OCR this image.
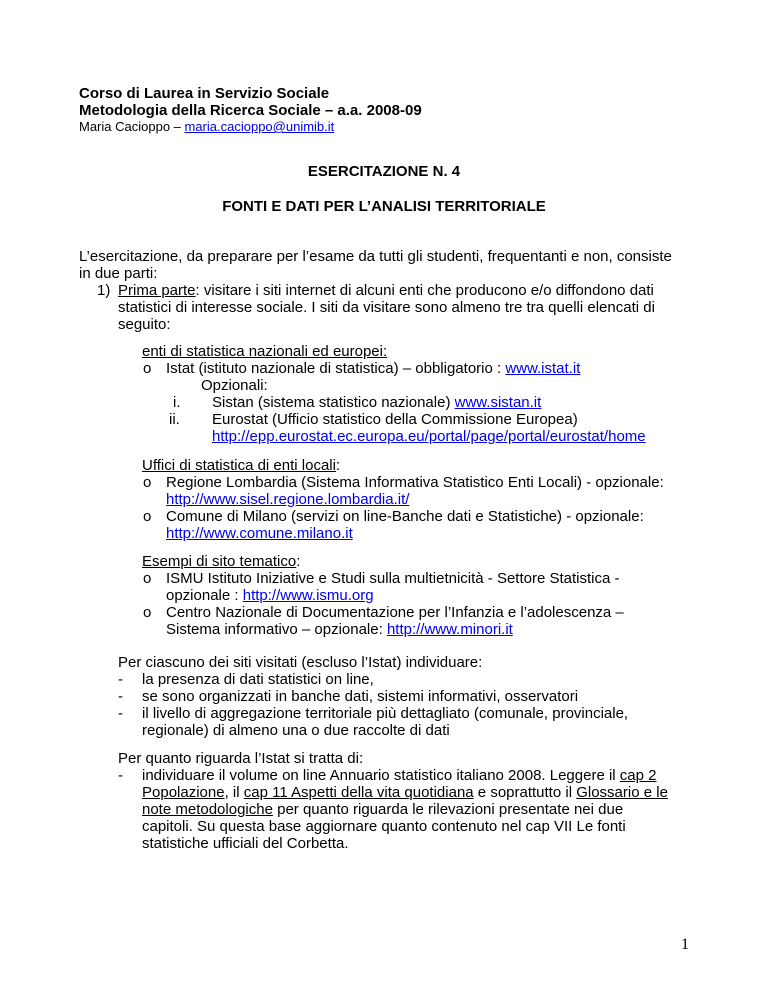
Corso di Laurea in Servizio Sociale
Metodologia della Ricerca Sociale – a.a. 2008-09
Maria Cacioppo – maria.cacioppo@unimib.it
ESERCITAZIONE N. 4
FONTI E DATI PER L’ANALISI TERRITORIALE
L’esercitazione, da preparare per l’esame da tutti gli studenti, frequentanti e non, consiste
in due parti:
1) Prima parte: visitare i siti internet di alcuni enti che producono e/o diffondono dati
statistici di interesse sociale. I siti da visitare sono almeno tre tra quelli elencati di
seguito:
enti di statistica nazionali ed europei:
o Istat (istituto nazionale di statistica) – obbligatorio : www.istat.it
Opzionali:
i. Sistan (sistema statistico nazionale) www.sistan.it
ii. Eurostat (Ufficio statistico della Commissione Europea)
http://epp.eurostat.ec.europa.eu/portal/page/portal/eurostat/home
Uffici di statistica di enti locali:
o Regione Lombardia (Sistema Informativa Statistico Enti Locali) - opzionale:
http://www.sisel.regione.lombardia.it/
o Comune di Milano (servizi on line-Banche dati e Statistiche) - opzionale:
http://www.comune.milano.it
Esempi di sito tematico:
o ISMU Istituto Iniziative e Studi sulla multietnicità - Settore Statistica -
opzionale : http://www.ismu.org
o Centro Nazionale di Documentazione per l’Infanzia e l’adolescenza –
Sistema informativo – opzionale: http://www.minori.it
Per ciascuno dei siti visitati (escluso l’Istat) individuare:
- la presenza di dati statistici on line,
- se sono organizzati in banche dati, sistemi informativi, osservatori
- il livello di aggregazione territoriale più dettagliato (comunale, provinciale,
regionale) di almeno una o due raccolte di dati
Per quanto riguarda l’Istat si tratta di:
- individuare il volume on line Annuario statistico italiano 2008. Leggere il cap 2
Popolazione, il cap 11 Aspetti della vita quotidiana e soprattutto il Glossario e le
note metodologiche per quanto riguarda le rilevazioni presentate nei due
capitoli. Su questa base aggiornare quanto contenuto nel cap VII Le fonti
statistiche ufficiali del Corbetta.
1
